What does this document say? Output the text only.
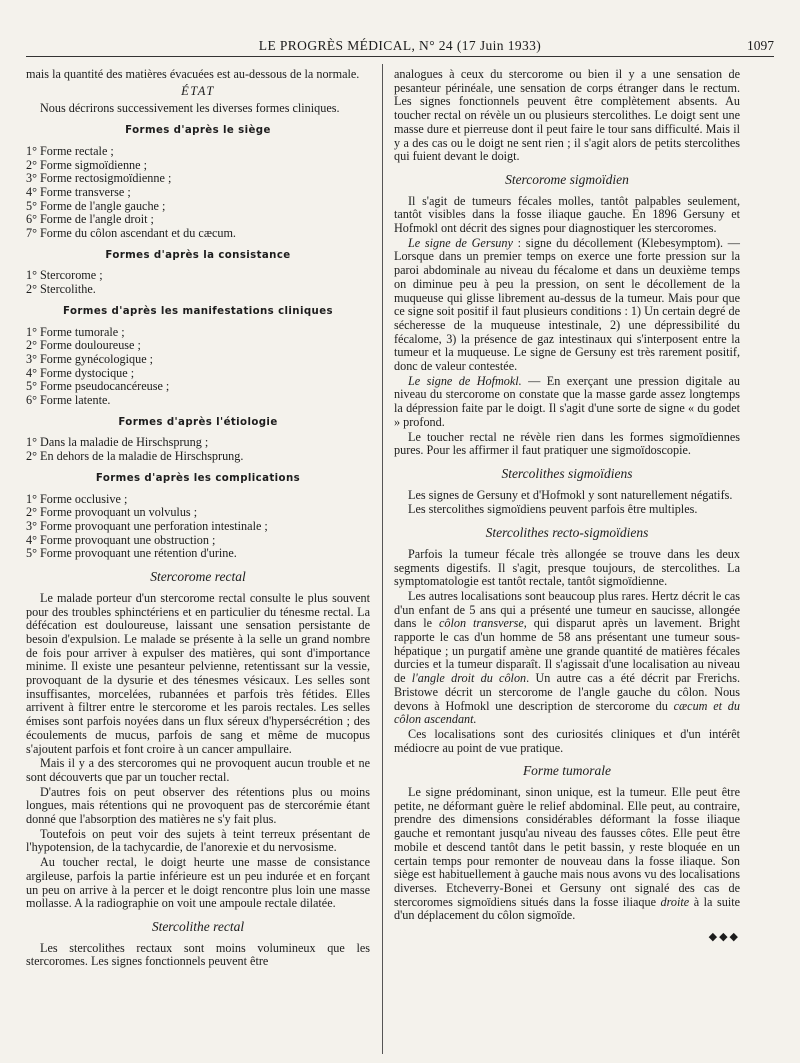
LE PROGRÈS MÉDICAL, N° 24 (17 Juin 1933)	1097

mais la quantité des matières évacuées est au-dessous de la normale.

ÉTAT

Nous décrirons successivement les diverses formes cliniques.

Formes d'après le siège
1° Forme rectale ;
2° Forme sigmoïdienne ;
3° Forme rectosigmoïdienne ;
4° Forme transverse ;
5° Forme de l'angle gauche ;
6° Forme de l'angle droit ;
7° Forme du côlon ascendant et du cæcum.
Formes d'après la consistance
1° Stercorome ;
2° Stercolithe.
Formes d'après les manifestations cliniques
1° Forme tumorale ;
2° Forme douloureuse ;
3° Forme gynécologique ;
4° Forme dystocique ;
5° Forme pseudocancéreuse ;
6° Forme latente.
Formes d'après l'étiologie
1° Dans la maladie de Hirschsprung ;
2° En dehors de la maladie de Hirschsprung.
Formes d'après les complications
1° Forme occlusive ;
2° Forme provoquant un volvulus ;
3° Forme provoquant une perforation intestinale ;
4° Forme provoquant une obstruction ;
5° Forme provoquant une rétention d'urine.
Stercorome rectal

Le malade porteur d'un stercorome rectal consulte le plus souvent pour des troubles sphinctériens et en particulier du ténesme rectal. La défécation est douloureuse, laissant une sensation persistante de besoin d'expulsion. Le malade se présente à la selle un grand nombre de fois pour arriver à expulser des matières, qui sont d'importance minime. Il existe une pesanteur pelvienne, retentissant sur la vessie, provoquant de la dysurie et des ténesmes vésicaux. Les selles sont insuffisantes, morcelées, rubannées et parfois très fétides. Elles arrivent à filtrer entre le stercorome et les parois rectales. Les selles émises sont parfois noyées dans un flux séreux d'hypersécrétion ; des écoulements de mucus, parfois de sang et même de mucopus s'ajoutent parfois et font croire à un cancer ampullaire.

Mais il y a des stercoromes qui ne provoquent aucun trouble et ne sont découverts que par un toucher rectal.

D'autres fois on peut observer des rétentions plus ou moins longues, mais rétentions qui ne provoquent pas de stercorémie étant donné que l'absorption des matières ne s'y fait plus.

Toutefois on peut voir des sujets à teint terreux présentant de l'hypotension, de la tachycardie, de l'anorexie et du nervosisme.

Au toucher rectal, le doigt heurte une masse de consistance argileuse, parfois la partie inférieure est un peu indurée et en forçant un peu on arrive à la percer et le doigt rencontre plus loin une masse mollasse. A la radiographie on voit une ampoule rectale dilatée.

Stercolithe rectal

Les stercolithes rectaux sont moins volumineux que les stercoromes. Les signes fonctionnels peuvent être

analogues à ceux du stercorome ou bien il y a une sensation de pesanteur périnéale, une sensation de corps étranger dans le rectum. Les signes fonctionnels peuvent être complètement absents. Au toucher rectal on révèle un ou plusieurs stercolithes. Le doigt sent une masse dure et pierreuse dont il peut faire le tour sans difficulté. Mais il y a des cas ou le doigt ne sent rien ; il s'agit alors de petits stercolithes qui fuient devant le doigt.

Stercorome sigmoïdien

Il s'agit de tumeurs fécales molles, tantôt palpables seulement, tantôt visibles dans la fosse iliaque gauche. En 1896 Gersuny et Hofmokl ont décrit des signes pour diagnostiquer les stercoromes.

Le signe de Gersuny : signe du décollement (Klebesymptom). — Lorsque dans un premier temps on exerce une forte pression sur la paroi abdominale au niveau du fécalome et dans un deuxième temps on diminue peu à peu la pression, on sent le décollement de la muqueuse qui glisse librement au-dessus de la tumeur. Mais pour que ce signe soit positif il faut plusieurs conditions : 1) Un certain degré de sécheresse de la muqueuse intestinale, 2) une dépressibilité du fécalome, 3) la présence de gaz intestinaux qui s'interposent entre la tumeur et la muqueuse. Le signe de Gersuny est très rarement positif, donc de valeur contestée.

Le signe de Hofmokl. — En exerçant une pression digitale au niveau du stercorome on constate que la masse garde assez longtemps la dépression faite par le doigt. Il s'agit d'une sorte de signe « du godet » profond.

Le toucher rectal ne révèle rien dans les formes sigmoïdiennes pures. Pour les affirmer il faut pratiquer une sigmoïdoscopie.

Stercolithes sigmoïdiens

Les signes de Gersuny et d'Hofmokl y sont naturellement négatifs.

Les stercolithes sigmoïdiens peuvent parfois être multiples.

Stercolithes recto-sigmoïdiens

Parfois la tumeur fécale très allongée se trouve dans les deux segments digestifs. Il s'agit, presque toujours, de stercolithes. La symptomatologie est tantôt rectale, tantôt sigmoïdienne.

Les autres localisations sont beaucoup plus rares. Hertz décrit le cas d'un enfant de 5 ans qui a présenté une tumeur en saucisse, allongée dans le côlon transverse, qui disparut après un lavement. Bright rapporte le cas d'un homme de 58 ans présentant une tumeur sous-hépatique ; un purgatif amène une grande quantité de matières fécales durcies et la tumeur disparaît. Il s'agissait d'une localisation au niveau de l'angle droit du côlon. Un autre cas a été décrit par Frerichs. Bristowe décrit un stercorome de l'angle gauche du côlon. Nous devons à Hofmokl une description de stercorome du cæcum et du côlon ascendant.

Ces localisations sont des curiosités cliniques et d'un intérêt médiocre au point de vue pratique.

Forme tumorale

Le signe prédominant, sinon unique, est la tumeur. Elle peut être petite, ne déformant guère le relief abdominal. Elle peut, au contraire, prendre des dimensions considérables déformant la fosse iliaque gauche et remontant jusqu'au niveau des fausses côtes. Elle peut être mobile et descend tantôt dans le petit bassin, y reste bloquée en un certain temps pour remonter de nouveau dans la fosse iliaque. Son siège est habituellement à gauche mais nous avons vu des localisations diverses. Etcheverry-Bonei et Gersuny ont signalé des cas de stercoromes sigmoïdiens situés dans la fosse iliaque droite à la suite d'un déplacement du côlon sigmoïde.

◆◆◆
